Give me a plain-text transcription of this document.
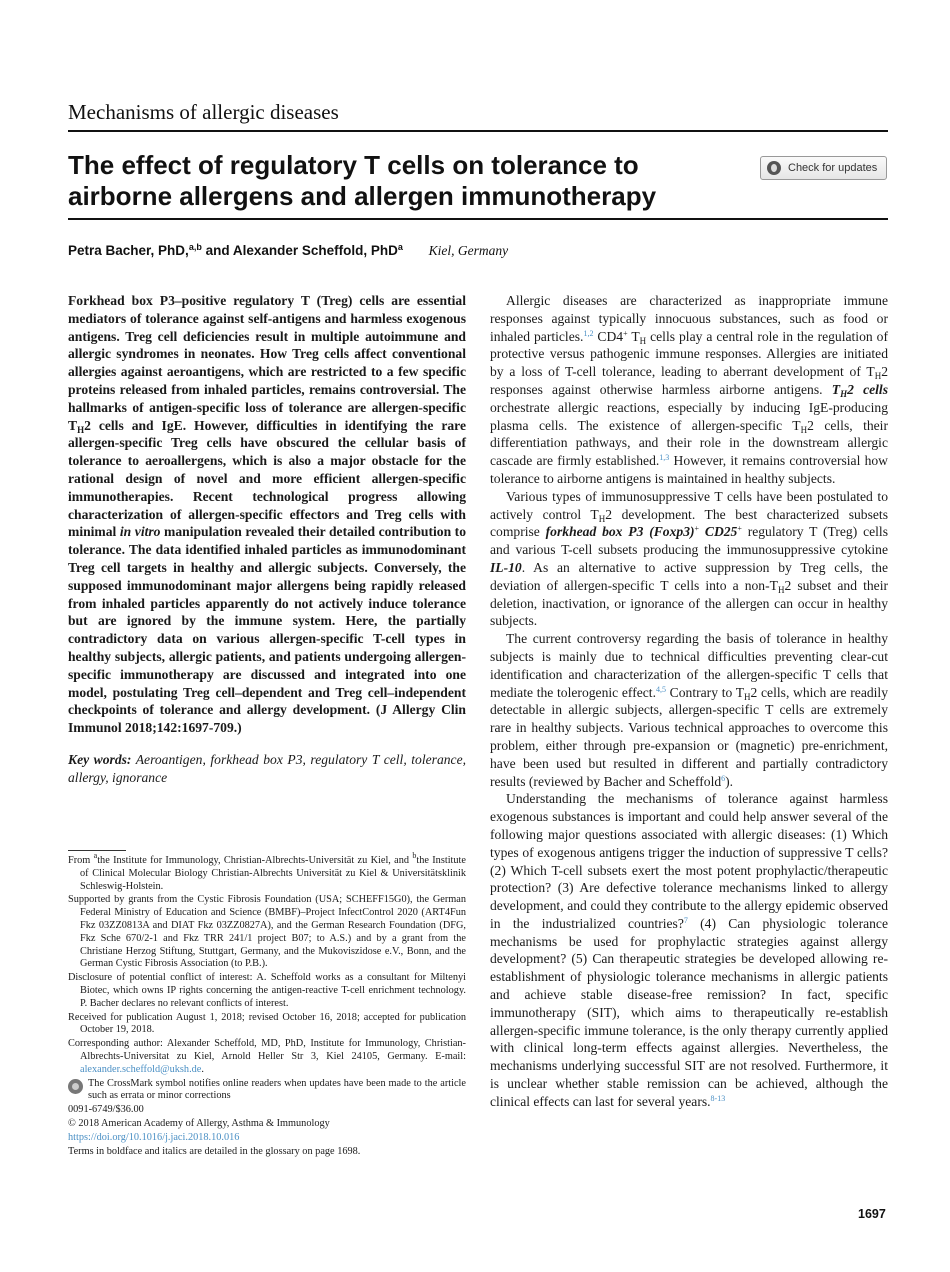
Mechanisms of allergic diseases
The effect of regulatory T cells on tolerance to
airborne allergens and allergen immunotherapy
Check for updates
Petra Bacher, PhD,$^{a,b}$ and Alexander Scheffold, PhD$^a$ Kiel, Germany

Forkhead box P3–positive regulatory T (Treg) cells are essential mediators of tolerance against self-antigens and harmless exogenous antigens. Treg cell deficiencies result in multiple autoimmune and allergic syndromes in neonates. How Treg cells affect conventional allergies against aeroantigens, which are restricted to a few specific proteins released from inhaled particles, remains controversial. The hallmarks of antigen-specific loss of tolerance are allergen-specific $T_H2$ cells and IgE. However, difficulties in identifying the rare allergen-specific Treg cells have obscured the cellular basis of tolerance to aeroallergens, which is also a major obstacle for the rational design of novel and more efficient allergen-specific immunotherapies. Recent technological progress allowing characterization of allergen-specific effectors and Treg cells with minimal in vitro manipulation revealed their detailed contribution to tolerance. The data identified inhaled particles as immunodominant Treg cell targets in healthy and allergic subjects. Conversely, the supposed immunodominant major allergens being rapidly released from inhaled particles apparently do not actively induce tolerance but are ignored by the immune system. Here, the partially contradictory data on various allergen-specific T-cell types in healthy subjects, allergic patients, and patients undergoing allergen-specific immunotherapy are discussed and integrated into one model, postulating Treg cell–dependent and Treg cell–independent checkpoints of tolerance and allergy development. (J Allergy Clin Immunol 2018;142:1697-709.)

Key words: Aeroantigen, forkhead box P3, regulatory T cell, tolerance, allergy, ignorance

From $^a$the Institute for Immunology, Christian-Albrechts-Universität zu Kiel, and $^b$the Institute of Clinical Molecular Biology Christian-Albrechts Universität zu Kiel & Universitätsklinik Schleswig-Holstein.

Supported by grants from the Cystic Fibrosis Foundation (USA; SCHEFF15G0), the German Federal Ministry of Education and Science (BMBF)–Project InfectControl 2020 (ART4Fun Fkz 03ZZ0813A and DIAT Fkz 03ZZ0827A), and the German Research Foundation (DFG, Fkz Sche 670/2-1 and Fkz TRR 241/1 project B07; to A.S.) and by a grant from the Christiane Herzog Stiftung, Stuttgart, Germany, and the Mukoviszidose e.V., Bonn, and the German Cystic Fibrosis Association (to P.B.).

Disclosure of potential conflict of interest: A. Scheffold works as a consultant for Miltenyi Biotec, which owns IP rights concerning the antigen-reactive T-cell enrichment technology. P. Bacher declares no relevant conflicts of interest.

Received for publication August 1, 2018; revised October 16, 2018; accepted for publication October 19, 2018.

Corresponding author: Alexander Scheffold, MD, PhD, Institute for Immunology, Christian-Albrechts-Universitat zu Kiel, Arnold Heller Str 3, Kiel 24105, Germany. E-mail: alexander.scheffold@uksh.de.

The CrossMark symbol notifies online readers when updates have been made to the article such as errata or minor corrections

0091-6749/$36.00

© 2018 American Academy of Allergy, Asthma & Immunology

https://doi.org/10.1016/j.jaci.2018.10.016

Terms in boldface and italics are detailed in the glossary on page 1698.

Allergic diseases are characterized as inappropriate immune responses against typically innocuous substances, such as food or inhaled particles.$^{1,2}$ CD4+ $T_H$ cells play a central role in the regulation of protective versus pathogenic immune responses. Allergies are initiated by a loss of T-cell tolerance, leading to aberrant development of $T_H2$ responses against otherwise harmless airborne antigens. $T_H2$ cells orchestrate allergic reactions, especially by inducing IgE-producing plasma cells. The existence of allergen-specific $T_H2$ cells, their differentiation pathways, and their role in the downstream allergic cascade are firmly established.$^{1,3}$ However, it remains controversial how tolerance to airborne antigens is maintained in healthy subjects.

Various types of immunosuppressive T cells have been postulated to actively control $T_H2$ development. The best characterized subsets comprise forkhead box P3 (Foxp3)+ CD25+ regulatory T (Treg) cells and various T-cell subsets producing the immunosuppressive cytokine IL-10. As an alternative to active suppression by Treg cells, the deviation of allergen-specific T cells into a non-$T_H2$ subset and their deletion, inactivation, or ignorance of the allergen can occur in healthy subjects.

The current controversy regarding the basis of tolerance in healthy subjects is mainly due to technical difficulties preventing clear-cut identification and characterization of the allergen-specific T cells that mediate the tolerogenic effect.$^{4,5}$ Contrary to $T_H2$ cells, which are readily detectable in allergic subjects, allergen-specific T cells are extremely rare in healthy subjects. Various technical approaches to overcome this problem, either through pre-expansion or (magnetic) pre-enrichment, have been used but resulted in different and partially contradictory results (reviewed by Bacher and Scheffold$^6$).

Understanding the mechanisms of tolerance against harmless exogenous substances is important and could help answer several of the following major questions associated with allergic diseases: (1) Which types of exogenous antigens trigger the induction of suppressive T cells? (2) Which T-cell subsets exert the most potent prophylactic/therapeutic protection? (3) Are defective tolerance mechanisms linked to allergy development, and could they contribute to the allergy epidemic observed in the industrialized countries?$^7$ (4) Can physiologic tolerance mechanisms be used for prophylactic strategies against allergy development? (5) Can therapeutic strategies be developed allowing re-establishment of physiologic tolerance mechanisms in allergic patients and achieve stable disease-free remission? In fact, specific immunotherapy (SIT), which aims to therapeutically re-establish allergen-specific immune tolerance, is the only therapy currently applied with clinical long-term effects against allergies. Nevertheless, the mechanisms underlying successful SIT are not resolved. Furthermore, it is unclear whether stable remission can be achieved, although the clinical effects can last for several years.$^{8-13}$

1697
